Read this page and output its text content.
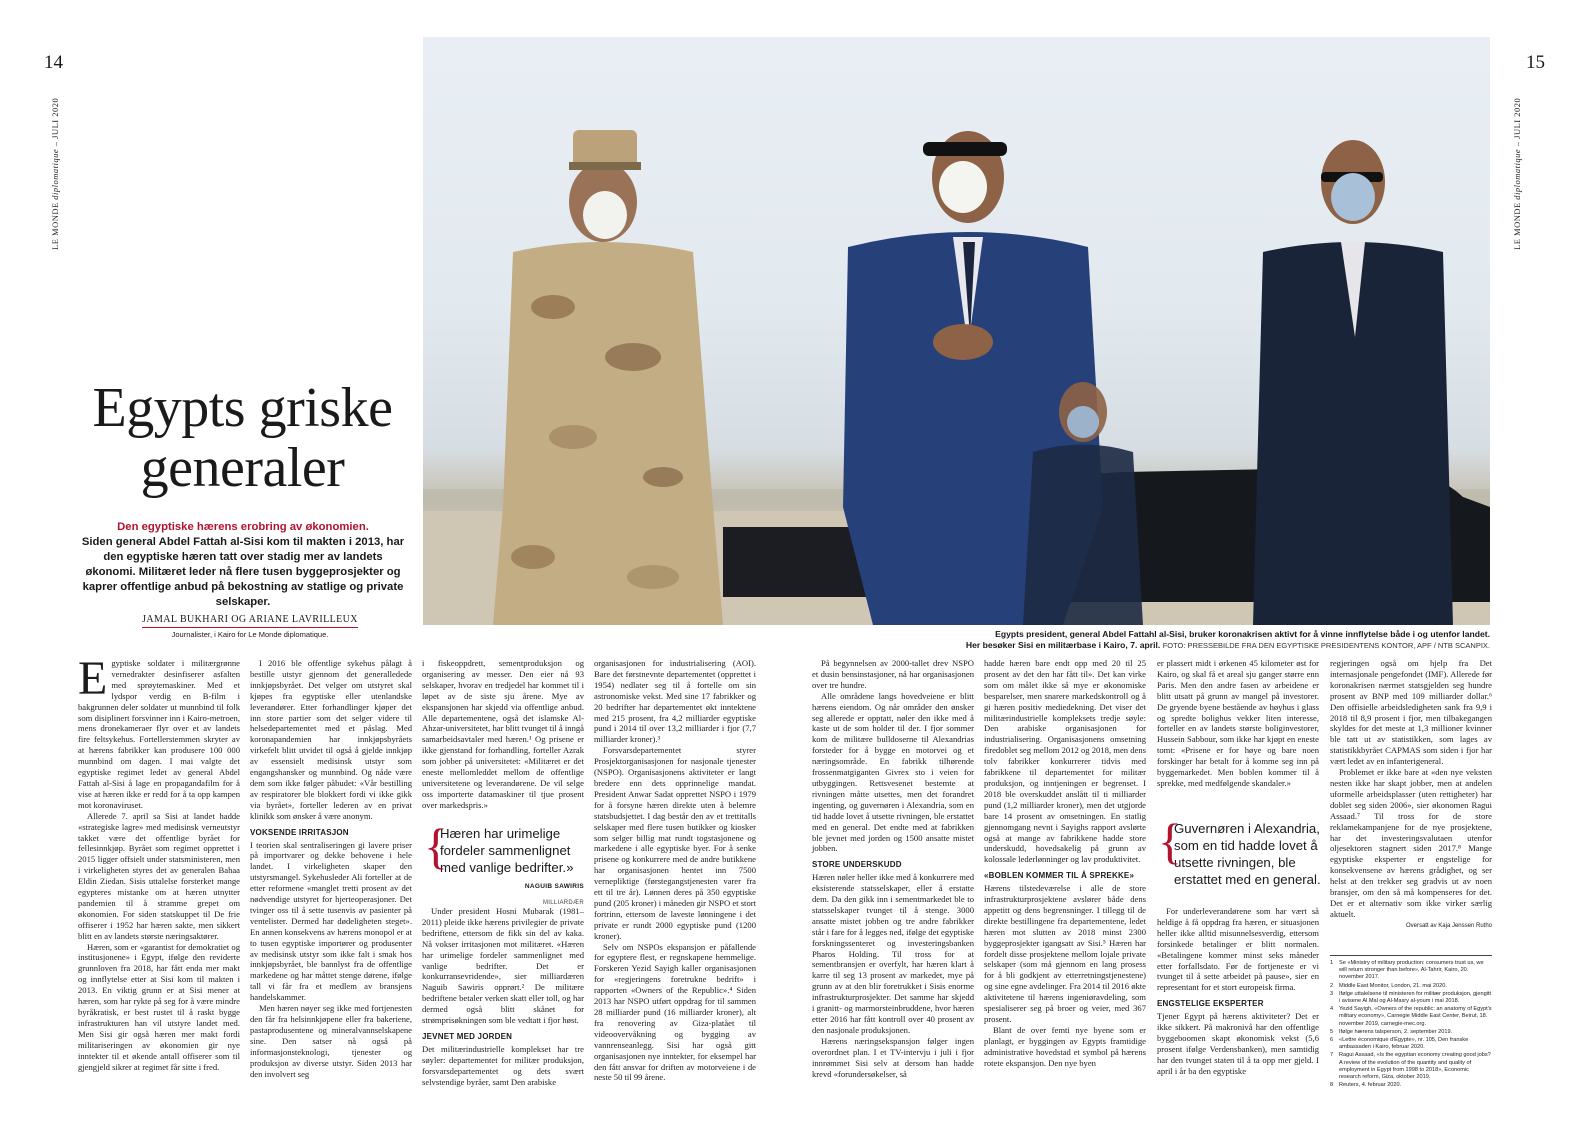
14	15
LE MONDE diplomatique – JULI 2020
LE MONDE diplomatique – JULI 2020
Egypts president, general Abdel Fattahl al-Sisi, bruker koronakrisen aktivt for å vinne innflytelse både i og utenfor landet.
Her besøker Sisi en militærbase i Kairo, 7. april. FOTO: PRESSEBILDE FRA DEN EGYPTISKE PRESIDENTENS KONTOR, APF / NTB SCANPIX.
Egypts griske
generaler
Den egyptiske hærens erobring av økonomien.
Siden general Abdel Fattah al-Sisi kom til makten i 2013, har den egyptiske hæren tatt over stadig mer av landets økonomi. Militæret leder nå flere tusen byggeprosjekter og kaprer offentlige anbud på bekostning av statlige og private selskaper.
JAMAL BUKHARI OG ARIANE LAVRILLEUX
Journalister, i Kairo for Le Monde diplomatique.

Egyptiske soldater i militærgrønne vernedrakter desinfiserer asfalten med sprøytemaskiner. Med et lydspor verdig en B-film i bakgrunnen deler soldater ut munnbind til folk som disiplinert forsvinner inn i Kairo-metroen, mens dronekameraer flyr over et av landets fire feltsykehus. Fortellerstemmen skryter av at hærens fabrikker kan produsere 100 000 munnbind om dagen. I mai valgte det egyptiske regimet ledet av general Abdel Fattah al-Sisi å lage en propagandafilm for å vise at hæren ikke er redd for å ta opp kampen mot koronaviruset.

Allerede 7. april sa Sisi at landet hadde «strategiske lagre» med medisinsk verneutstyr takket være det offentlige byrået for fellesinnkjøp. Byrået som regimet opprettet i 2015 ligger offsielt under statsministeren, men i virkeligheten styres det av generalen Bahaa Eldin Ziedan. Sisis uttalelse forsterket mange egypteres mistanke om at hæren utnytter pandemien til å stramme grepet om økonomien. For siden statskuppet til De frie offiserer i 1952 har hæren sakte, men sikkert blitt en av landets største næringsaktører.

Hæren, som er «garantist for demokratiet og institusjonene» i Egypt, ifølge den reviderte grunnloven fra 2018, har fått enda mer makt og innflytelse etter at Sisi kom til makten i 2013. En viktig grunn er at Sisi mener at hæren, som har rykte på seg for å være mindre byråkratisk, er best rustet til å raskt bygge infrastrukturen han vil utstyre landet med. Men Sisi gir også hæren mer makt fordi militariseringen av økonomien gir nye inntekter til et økende antall offiserer som til gjengjeld sikrer at regimet får sitte i fred.

I 2016 ble offentlige sykehus pålagt å bestille utstyr gjennom det generalledede innkjøpsbyrået. Det velger om utstyret skal kjøpes fra egyptiske eller utenlandske leverandører. Etter forhandlinger kjøper det inn store partier som det selger videre til helsedepartementet med et påslag. Med koronapandemien har innkjøpsbyråets virkefelt blitt utvidet til også å gjelde innkjøp av essensielt medisinsk utstyr som engangshansker og munnbind. Og nåde være dem som ikke følger påbudet: «Vår bestilling av respiratorer ble blokkert fordi vi ikke gikk via byrået», forteller lederen av en privat klinikk som ønsker å være anonym.

VOKSENDE IRRITASJON

I teorien skal sentraliseringen gi lavere priser på importvarer og dekke behovene i hele landet. I virkeligheten skaper den utstyrsmangel. Sykehusleder Ali forteller at de etter reformene «manglet tretti prosent av det nødvendige utstyret for hjerteoperasjoner. Det tvinger oss til å sette tusenvis av pasienter på ventelister. Dermed har dødeligheten steget». En annen konsekvens av hærens monopol er at to tusen egyptiske importører og produsenter av medisinsk utstyr som ikke falt i smak hos innkjøpsbyrået, ble bannlyst fra de offentlige markedene og har måttet stenge dørene, ifølge tall vi får fra et medlem av bransjens handelskammer.

Men hæren nøyer seg ikke med fortjenesten den får fra helsinnkjøpene eller fra bakeriene, pastaprodusentene og mineralvannselskapene sine. Den satser nå også på informasjonsteknologi, tjenester og produksjon av diverse utstyr. Siden 2013 har den involvert seg

i fiskeoppdrett, sementproduksjon og organisering av messer. Den eier nå 93 selskaper, hvorav en tredjedel har kommet til i løpet av de siste sju årene. Mye av ekspansjonen har skjedd via offentlige anbud. Alle departementene, også det islamske Al-Ahzar-universitetet, har blitt tvunget til å inngå samarbeidsavtaler med hæren.¹ Og prisene er ikke gjenstand for forhandling, forteller Azrak som jobber på universitetet: «Militæret er det eneste mellomleddet mellom de offentlige universitetene og leverandørene. De vil selge oss importerte datamaskiner til tjue prosent over markedspris.»

{
Hæren har urimelige fordeler sammenlignet med vanlige bedrifter.»
NAGUIB SAWIRIS
MILLIARDÆR

Under president Hosni Mubarak (1981–2011) pleide ikke hærens privilegier de private bedriftene, ettersom de fikk sin del av kaka. Nå vokser irritasjonen mot militæret. «Hæren har urimelige fordeler sammenlignet med vanlige bedrifter. Det er konkurransevridende», sier milliardæren Naguib Sawiris opprørt.² De militære bedriftene betaler verken skatt eller toll, og har dermed også blitt skånet for strømprisøkningen som ble vedtatt i fjor høst.

JEVNET MED JORDEN

Det militærindustrielle komplekset har tre søyler: departementet for militær produksjon, forsvarsdepartementet og dets svært selvstendige byråer, samt Den arabiske

organisasjonen for industrialisering (AOI). Bare det førstnevnte departementet (opprettet i 1954) nedlater seg til å fortelle om sin astronomiske vekst. Med sine 17 fabrikker og 20 bedrifter har departementet økt inntektene med 215 prosent, fra 4,2 milliarder egyptiske pund i 2014 til over 13,2 milliarder i fjor (7,7 milliarder kroner).³

Forsvarsdepartementet styrer Prosjektorganisasjonen for nasjonale tjenester (NSPO). Organisasjonens aktiviteter er langt bredere enn dets opprinnelige mandat. President Anwar Sadat opprettet NSPO i 1979 for å forsyne hæren direkte uten å belemre statsbudsjettet. I dag består den av et trettitalls selskaper med flere tusen butikker og kiosker som selger billig mat rundt togstasjonene og markedene i alle egyptiske byer. For å senke prisene og konkurrere med de andre butikkene har organisasjonen hentet inn 7500 vernepliktige (førstegangstjenesten varer fra ett til tre år). Lønnen deres på 350 egyptiske pund (205 kroner) i måneden gir NSPO et stort fortrinn, ettersom de laveste lønningene i det private er rundt 2000 egyptiske pund (1200 kroner).

Selv om NSPOs ekspansjon er påfallende for egyptere flest, er regnskapene hemmelige. Forskeren Yezid Sayigh kaller organisasjonen for «regjeringens foretrukne bedrift» i rapporten «Owners of the Republic».⁴ Siden 2013 har NSPO utført oppdrag for til sammen 28 milliarder pund (16 milliarder kroner), alt fra renovering av Giza-platået til videoovervåkning og bygging av vannrenseanlegg. Sisi har også gitt organisasjonen nye inntekter, for eksempel har den fått ansvar for driften av motorveiene i de neste 50 til 99 årene.

På begynnelsen av 2000-tallet drev NSPO et dusin bensinstasjoner, nå har organisasjonen over tre hundre.

Alle områdene langs hovedveiene er blitt hærens eiendom. Og når områder den ønsker seg allerede er opptatt, nøler den ikke med å kaste ut de som holder til der. I fjor sommer kom de militære bulldoserne til Alexandrias forsteder for å bygge en motorvei og et næringsområde. En fabrikk tilhørende frossenmatgiganten Givrex sto i veien for utbyggingen. Rettsvesenet bestemte at rivningen måtte utsettes, men det forandret ingenting, og guvernøren i Alexandria, som en tid hadde lovet å utsette rivningen, ble erstattet med en general. Det endte med at fabrikken ble jevnet med jorden og 1500 ansatte mistet jobben.

STORE UNDERSKUDD

Hæren nøler heller ikke med å konkurrere med eksisterende statsselskaper, eller å erstatte dem. Da den gikk inn i sementmarkedet ble to statsselskaper tvunget til å stenge. 3000 ansatte mistet jobben og tre andre fabrikker står i fare for å legges ned, ifølge det egyptiske forskningssenteret og investeringsbanken Pharos Holding. Til tross for at sementbransjen er overfylt, har hæren klart å karre til seg 13 prosent av markedet, mye på grunn av at den blir foretrukket i Sisis enorme infrastrukturprosjekter. Det samme har skjedd i granitt- og marmorsteinbruddene, hvor hæren etter 2016 har fått kontroll over 40 prosent av den nasjonale produksjonen.

Hærens næringsekspansjon følger ingen overordnet plan. I et TV-intervju i juli i fjor innrømmet Sisi selv at dersom han hadde krevd «forundersøkelser, så

hadde hæren bare endt opp med 20 til 25 prosent av det den har fått til». Det kan virke som om målet ikke så mye er økonomiske besparelser, men snarere markedskontroll og å gi hæren positiv mediedekning. Det viser det militærindustrielle kompleksets tredje søyle: Den arabiske organisasjonen for industrialisering. Organisasjonens omsetning firedoblet seg mellom 2012 og 2018, men dens tolv fabrikker konkurrerer tidvis med fabrikkene til departementet for militær produksjon, og inntjeningen er begrenset. I 2018 ble overskuddet anslått til ti milliarder pund (1,2 milliarder kroner), men det utgjorde bare 14 prosent av omsetningen. En statlig gjennomgang nevnt i Sayighs rapport avslørte også at mange av fabrikkene hadde store underskudd, hovedsakelig på grunn av kolossale lederlønninger og lav produktivitet.

«BOBLEN KOMMER TIL Å SPREKKE»

Hærens tilstedeværelse i alle de store infrastrukturprosjektene avslører både dens appetitt og dens begrensninger. I tillegg til de direkte bestillingene fra departementene, ledet hæren mot slutten av 2018 minst 2300 byggeprosjekter igangsatt av Sisi.⁵ Hæren har fordelt disse prosjektene mellom lojale private selskaper (som må gjennom en lang prosess for å bli godkjent av etterretningstjenestene) og sine egne avdelinger. Fra 2014 til 2016 økte aktivitetene til hærens ingeniøravdeling, som spesialiserer seg på broer og veier, med 367 prosent.

Blant de over femti nye byene som er planlagt, er byggingen av Egypts framtidige administrative hovedstad et symbol på hærens rotete ekspansjon. Den nye byen

er plassert midt i ørkenen 45 kilometer øst for Kairo, og skal få et areal sju ganger større enn Paris. Men den andre fasen av arbeidene er blitt utsatt på grunn av mangel på investorer. De gryende byene bestående av høyhus i glass og spredte bolighus vekker liten interesse, forteller en av landets største boliginvestorer, Hussein Sabbour, som ikke har kjøpt en eneste tomt: «Prisene er for høye og bare noen forskinger har betalt for å komme seg inn på byggemarkedet. Men boblen kommer til å sprekke, med medfølgende skandaler.»

{
Guvernøren i Alexandria, som en tid hadde lovet å utsette rivningen, ble erstattet med en general.

For underleverandørene som har vært så heldige å få oppdrag fra hæren, er situasjonen heller ikke alltid misunnelsesverdig, ettersom forsinkede betalinger er blitt normalen. «Betalingene kommer minst seks måneder etter forfallsdato. Før de fortjeneste er vi tvunget til å sette arbeidet på pause», sier en representant for et stort europeisk firma.

ENGSTELIGE EKSPERTER

Tjener Egypt på hærens aktiviteter? Det er ikke sikkert. På makronivå har den offentlige byggeboomen skapt økonomisk vekst (5,6 prosent ifølge Verdensbanken), men samtidig har den tvunget staten til å ta opp mer gjeld. I april i år ba den egyptiske

regjeringen også om hjelp fra Det internasjonale pengefondet (IMF). Allerede før koronakrisen nærmet statsgjelden seg hundre prosent av BNP med 109 milliarder dollar.⁶ Den offisielle arbeidsledigheten sank fra 9,9 i 2018 til 8,9 prosent i fjor, men tilbakegangen skyldes for det meste at 1,3 millioner kvinner ble tatt ut av statistikken, som lages av statistikkbyrået CAPMAS som siden i fjor har vært ledet av en infanterigeneral.

Problemet er ikke bare at «den nye veksten nesten ikke har skapt jobber, men at andelen uformelle arbeidsplasser (uten rettigheter) har doblet seg siden 2006», sier økonomen Ragui Assaad.⁷ Til tross for de store reklamekampanjene for de nye prosjektene, har det investeringsvalutaen utenfor oljesektoren stagnert siden 2017.⁸ Mange egyptiske eksperter er engstelige for konsekvensene av hærens grådighet, og ser helst at den trekker seg gradvis ut av noen bransjer, om den så må kompenseres for det. Det er et alternativ som ikke virker særlig aktuelt.

Oversatt av Kaja Jenssen Rutho
1	Se «Ministry of military production: consumers trust us, we will return stronger than before», Al-Tahrir, Kairo, 20. november 2017.
2	Middle East Monitor, London, 21. mai 2020.
3	Ifølge uttalelsene til ministeren for militær produksjon, gjengitt i avisene Al Mal og Al-Masry al-youm i mai 2018.
4	Yezid Sayigh, «Owners of the republic: an anatomy of Egypt's military economy», Carnegie Middle East Center, Beirut, 18. november 2019, carnegie-mec.org.
5	Ifølge hærens talsperson, 2. september 2019.
6	«Lettre économique d'Égypte», nr. 105, Den franske ambassaden i Kairo, februar 2020.
7	Ragui Assaad, «Is the egyptian economy creating good jobs? A review of the evolution of the quantity and quality of employment in Egypt from 1998 to 2018», Economic research reform, Giza, oktober 2019.
8	Reuters, 4. februar 2020.
